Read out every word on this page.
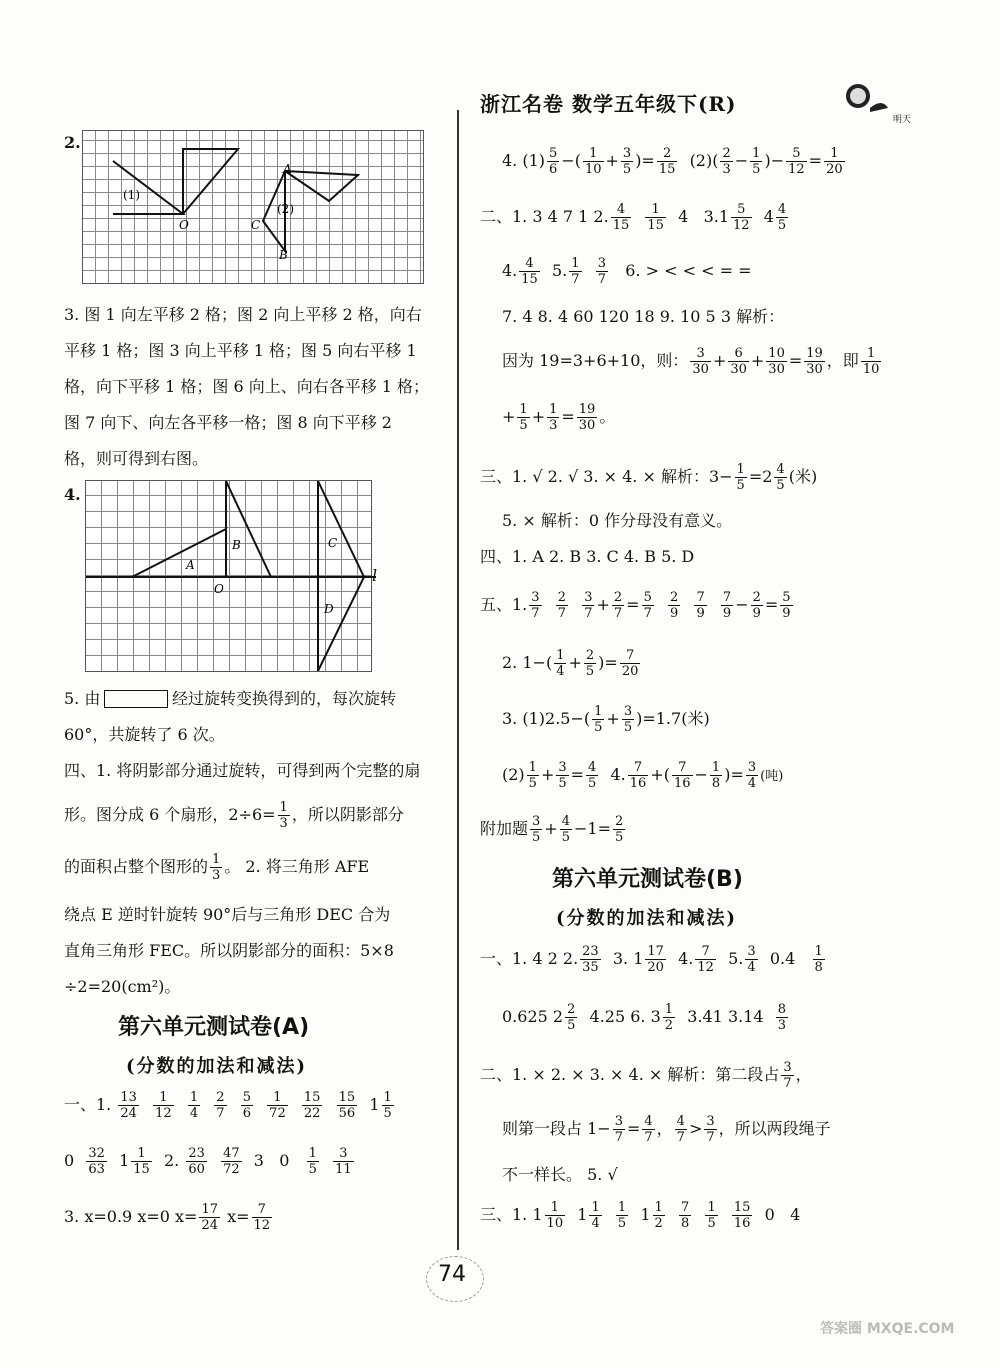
浙江名卷 数学五年级下(R)
明天
2.
(1)
O
A
C
B
(2)
3. 图 1 向左平移 2 格；图 2 向上平移 2 格，向右
平移 1 格；图 3 向上平移 1 格；图 5 向右平移 1
格，向下平移 1 格；图 6 向上、向右各平移 1 格；
图 7 向下、向左各平移一格；图 8 向下平移 2
格，则可得到右图。
4.
A
B
O
C
D
l
5. 由	经过旋转变换得到的，每次旋转
60°，共旋转了 6 次。
四、1. 将阴影部分通过旋转，可得到两个完整的扇
形。图分成 6 个扇形，$2\div 6= \frac{1}{3}$ ，所以阴影部分
的面积占整个图形的 $\frac{1}{3}$ 。 2. 将三角形 AFE
绕点 E 逆时针旋转 90°后与三角形 DEC 合为
直角三角形 FEC。所以阴影部分的面积：5×8
÷2=20(cm²)。
第六单元测试卷(A)
(分数的加法和减法)
一、1. $\frac{13}{24}$
$\frac{1}{12}$
$\frac{1}{4}$
$\frac{2}{7}$
$\frac{5}{6}$
$\frac{1}{72}$
$\frac{15}{22}$
$\frac{15}{56} 1 \frac{1}{5}$
$0 \frac{32}{63} 1 \frac{1}{15} 2$. $\frac{23}{60}$
$\frac{47}{72} 3$   $0 \frac{1}{5}$
$\frac{3}{11}$
3. x=0.9 x=0 $x= \frac{17}{24} x= \frac{7}{12}$
4. $(1) \frac{5}{6}$ −( $\frac{1}{10} + \frac{3}{5}$ )= $\frac{2}{15} (2)( \frac{2}{3} - \frac{1}{5}$ )− $\frac{5}{12} = \frac{1}{20}$
二、1. 3 4 7 1 2. $\frac{4}{15}$
$\frac{1}{15} 4$   $3.1 \frac{5}{12} 4 \frac{4}{5}$
4. $\frac{4}{15} 5$. $\frac{1}{7}$
$\frac{3}{7} 6$. > < < < = =
7. 4 8. 4 60 120 18 9. 10 5 3 解析：
因为 19=3+6+10，则： $\frac{3}{30} + \frac{6}{30} + \frac{10}{30} = \frac{19}{30}$ ，即 $\frac{1}{10}$
+ $\frac{1}{5} + \frac{1}{3} = \frac{19}{30}$ 。
三、1. √ 2. √ 3. × 4. × 解析：$3- \frac{1}{5} =2 \frac{4}{5}$ (米)
5. × 解析：0 作分母没有意义。
四、1. A 2. B 3. C 4. B 5. D
五、1. $\frac{3}{7}$
$\frac{2}{7}$
$\frac{3}{7} + \frac{2}{7} = \frac{5}{7}$
$\frac{2}{9}$
$\frac{7}{9}$
$\frac{7}{9} - \frac{2}{9} = \frac{5}{9}$
2. $1-( \frac{1}{4} + \frac{2}{5}$ )= $\frac{7}{20}$
3. $(1)2.5-( \frac{1}{5} + \frac{3}{5} )=1.7$(米)
$(2) \frac{1}{5} + \frac{3}{5} = \frac{4}{5} 4$. $\frac{7}{16}$ +( $\frac{7}{16} - \frac{1}{8}$ )= $\frac{3}{4}$ (吨)
附加题 $\frac{3}{5} + \frac{4}{5} -1= \frac{2}{5}$
第六单元测试卷(B)
(分数的加法和减法)
一、1. 4 2 2. $\frac{23}{35} 3$. $1 \frac{17}{20} 4$. $\frac{7}{12} 5$. $\frac{3}{4} 0.4 \frac{1}{8}$
0.625 $2 \frac{2}{5} 4.25$ 6. $3 \frac{1}{2} 3.41$ $3.14 \frac{8}{3}$
二、1. × 2. × 3. × 4. × 解析：第二段占 $\frac{3}{7}$ ，
则第一段占 $1- \frac{3}{7} = \frac{4}{7}$ ， $\frac{4}{7} > \frac{3}{7}$ ，所以两段绳子
不一样长。 5. √
三、1. $1 \frac{1}{10} 1 \frac{1}{4}$
$\frac{1}{5} 1 \frac{1}{2}$
$\frac{7}{8}$
$\frac{1}{5}$
$\frac{15}{16} 0$   4
74
答案圈 MXQE.COM
